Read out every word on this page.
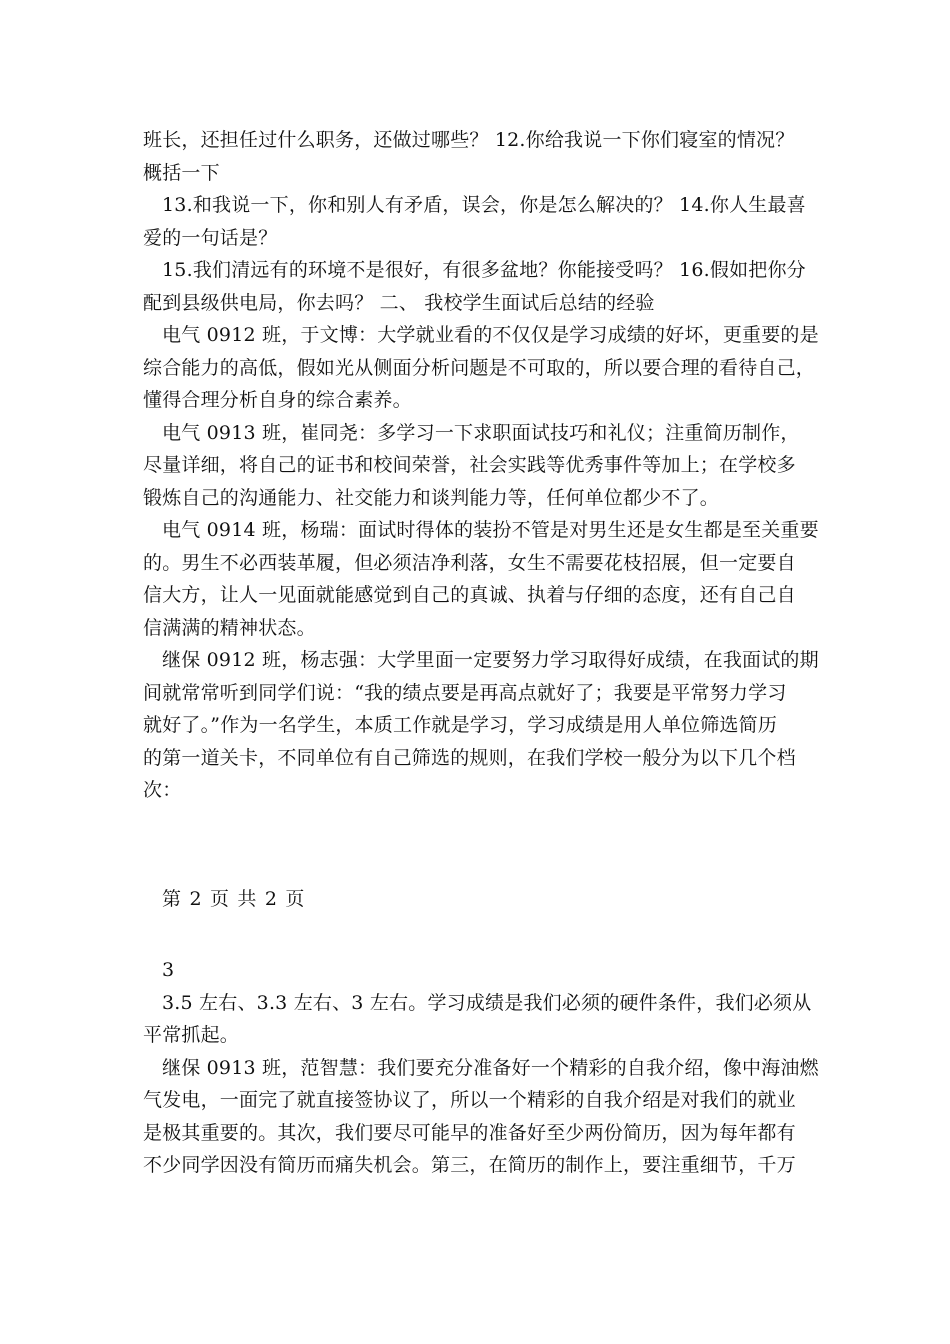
班长，还担任过什么职务，还做过哪些？ 12.你给我说一下你们寝室的情况？
概括一下
13.和我说一下，你和别人有矛盾，误会，你是怎么解决的？ 14.你人生最喜
爱的一句话是？
15.我们清远有的环境不是很好，有很多盆地？你能接受吗？ 16.假如把你分
配到县级供电局，你去吗？ 二、 我校学生面试后总结的经验
电气 0912 班，于文博：大学就业看的不仅仅是学习成绩的好坏，更重要的是
综合能力的高低，假如光从侧面分析问题是不可取的，所以要合理的看待自己，
懂得合理分析自身的综合素养。
电气 0913 班，崔同尧：多学习一下求职面试技巧和礼仪；注重简历制作，
尽量详细，将自己的证书和校间荣誉，社会实践等优秀事件等加上；在学校多
锻炼自己的沟通能力、社交能力和谈判能力等，任何单位都少不了。
电气 0914 班，杨瑞：面试时得体的装扮不管是对男生还是女生都是至关重要
的。男生不必西装革履，但必须洁净利落，女生不需要花枝招展，但一定要自
信大方，让人一见面就能感觉到自己的真诚、执着与仔细的态度，还有自己自
信满满的精神状态。
继保 0912 班，杨志强：大学里面一定要努力学习取得好成绩，在我面试的期
间就常常听到同学们说：“我的绩点要是再高点就好了；我要是平常努力学习
就好了。”作为一名学生，本质工作就是学习，学习成绩是用人单位筛选简历
的第一道关卡，不同单位有自己筛选的规则，在我们学校一般分为以下几个档
次：
第 2 页 共 2 页
3
3.5 左右、3.3 左右、3 左右。学习成绩是我们必须的硬件条件，我们必须从
平常抓起。
继保 0913 班，范智慧：我们要充分准备好一个精彩的自我介绍，像中海油燃
气发电，一面完了就直接签协议了，所以一个精彩的自我介绍是对我们的就业
是极其重要的。其次，我们要尽可能早的准备好至少两份简历，因为每年都有
不少同学因没有简历而痛失机会。第三，在简历的制作上，要注重细节，千万
